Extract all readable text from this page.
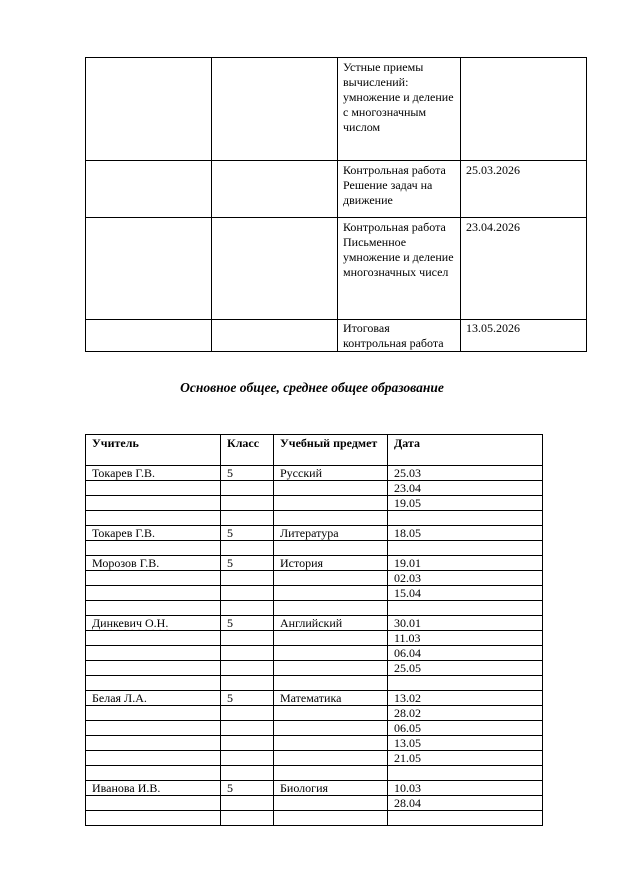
		Устные приемы вычислений: умножение и деление с многозначным числом	
		Контрольная работа Решение задач на движение	25.03.2026
		Контрольная работа Письменное умножение и деление многозначных чисел	23.04.2026
		Итоговая контрольная работа	13.05.2026
Основное общее, среднее общее образование
Учитель	Класс	Учебный предмет	Дата
Токарев Г.В.	5	Русский	25.03
			23.04
			19.05

Токарев Г.В.	5	Литература	18.05

Морозов Г.В.	5	История	19.01
			02.03
			15.04

Динкевич О.Н.	5	Английский	30.01
			11.03
			06.04
			25.05

Белая Л.А.	5	Математика	13.02
			28.02
			06.05
			13.05
			21.05

Иванова И.В.	5	Биология	10.03
			28.04
